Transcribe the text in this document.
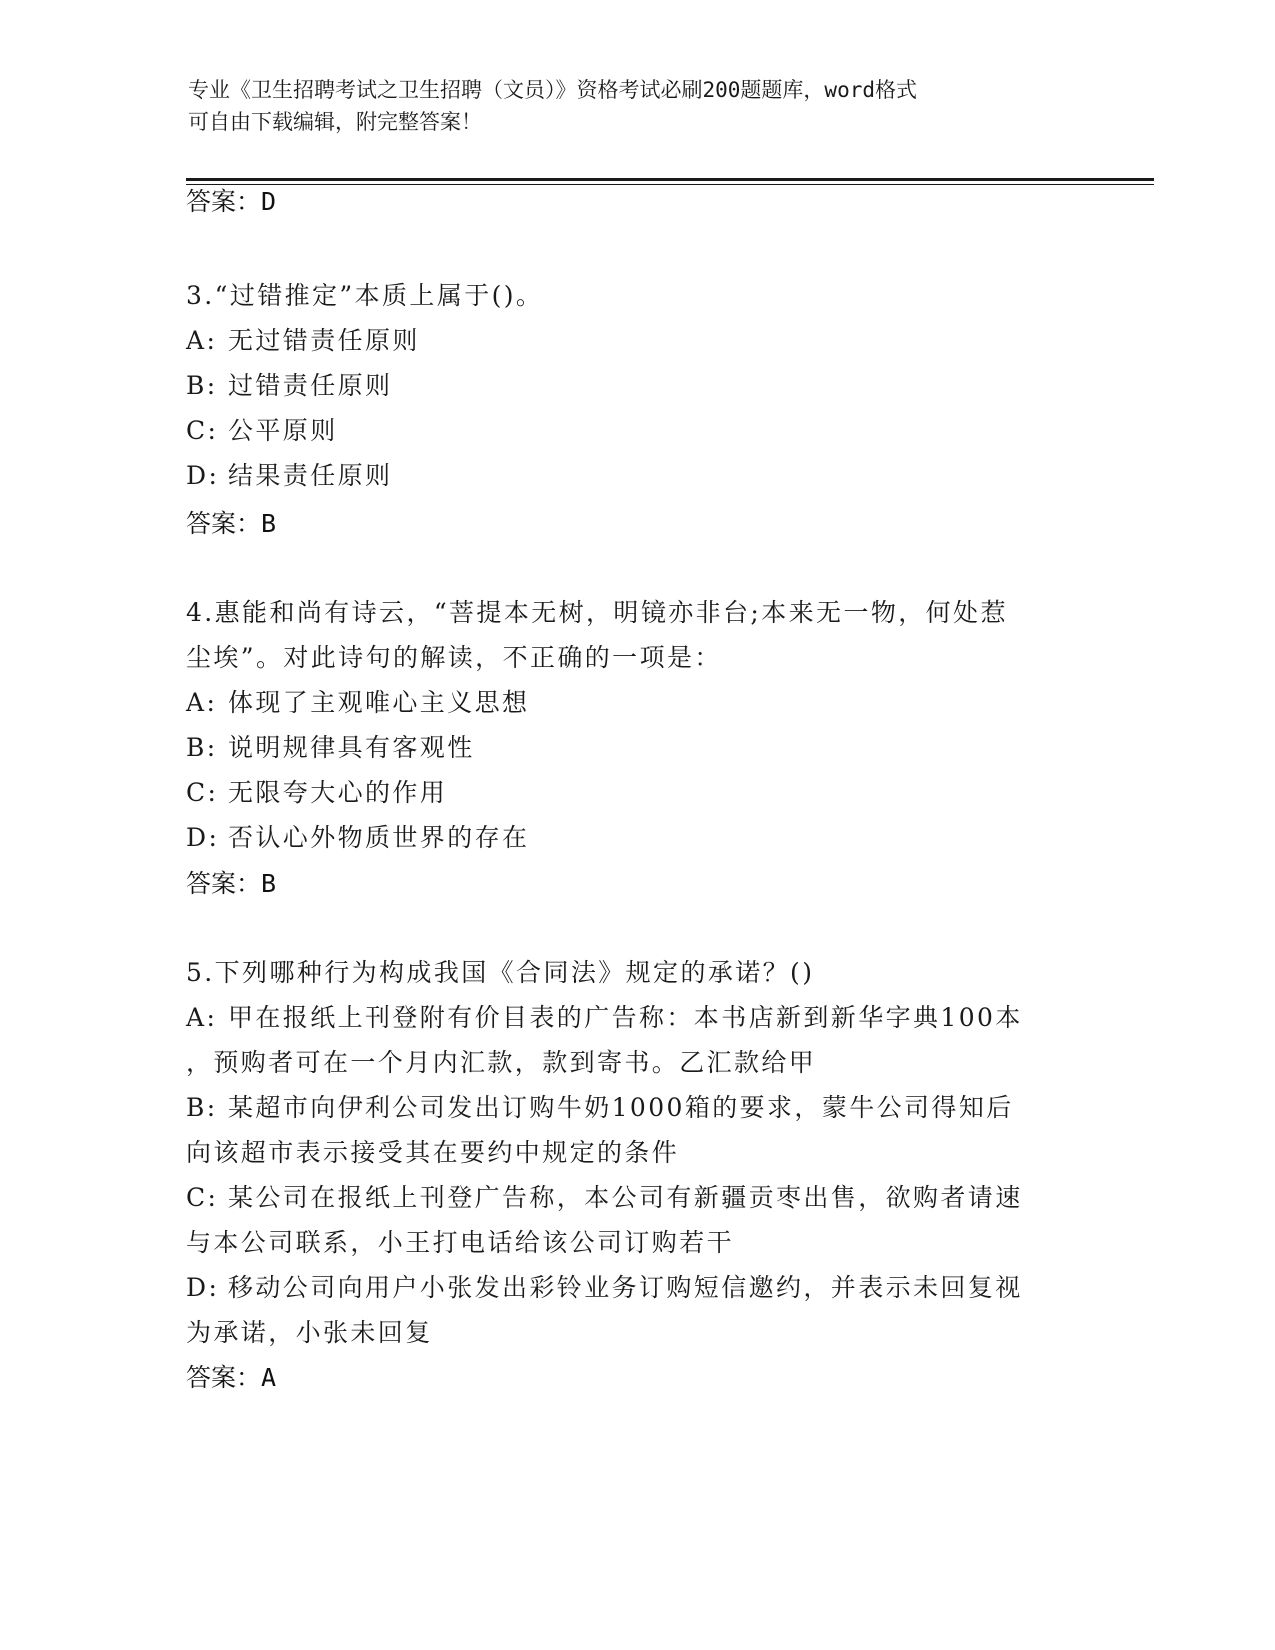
专业《卫生招聘考试之卫生招聘（文员）》资格考试必刷200题题库，word格式
可自由下载编辑，附完整答案！
答案：D
3.“过错推定”本质上属于()。
A: 无过错责任原则
B: 过错责任原则
C: 公平原则
D: 结果责任原则
答案：B
4.惠能和尚有诗云，“菩提本无树，明镜亦非台;本来无一物，何处惹
尘埃”。对此诗句的解读，不正确的一项是：
A: 体现了主观唯心主义思想
B: 说明规律具有客观性
C: 无限夸大心的作用
D: 否认心外物质世界的存在
答案：B
5.下列哪种行为构成我国《合同法》规定的承诺？()
A: 甲在报纸上刊登附有价目表的广告称：本书店新到新华字典100本
，预购者可在一个月内汇款，款到寄书。乙汇款给甲
B: 某超市向伊利公司发出订购牛奶1000箱的要求，蒙牛公司得知后
向该超市表示接受其在要约中规定的条件
C: 某公司在报纸上刊登广告称，本公司有新疆贡枣出售，欲购者请速
与本公司联系，小王打电话给该公司订购若干
D: 移动公司向用户小张发出彩铃业务订购短信邀约，并表示未回复视
为承诺，小张未回复
答案：A
